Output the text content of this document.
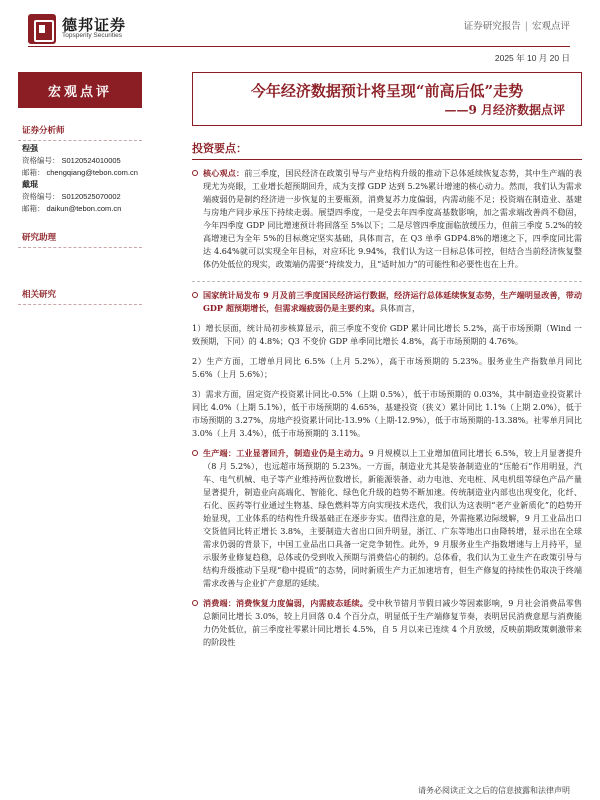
德邦证券
Topsperity Securities
证券研究报告 | 宏观点评
2025 年 10 月 20 日
宏观点评
证券分析师
程强
资格编号： S0120524010005
邮箱： chengqiang@tebon.com.cn
戴琨
资格编号： S0120525070002
邮箱： daikun@tebon.com.cn
研究助理
相关研究
今年经济数据预计将呈现“前高后低”走势
——9 月经济数据点评
投资要点：
核心观点：前三季度，国民经济在政策引导与产业结构升级的推动下总体延续恢复态势，其中生产端的表现尤为亮眼，工业增长超预期回升，成为支撑 GDP 达到 5.2%累计增速的核心动力。然而，我们认为需求端疲弱仍是制约经济进一步恢复的主要瓶颈，消费复苏力度偏弱，内需动能不足；投资端在制造业、基建与房地产同步承压下持续走弱。展望四季度，一是受去年四季度高基数影响，加之需求端改善尚不稳固，今年四季度 GDP 同比增速预计将回落至 5%以下；二是尽管四季度面临放缓压力，但前三季度 5.2%的较高增速已为全年 5%的目标奠定坚实基础，具体而言，在 Q3 单季 GDP4.8%的增速之下，四季度同比需达 4.64%就可以实现全年目标，对应环比 9.94%，我们认为这一目标总体可控，但结合当前经济恢复整体仍处低位的现实，政策端仍需要“持续发力，且“适时加力”的可能性和必要性也在上升。
国家统计局发布 9 月及前三季度国民经济运行数据，经济运行总体延续恢复态势，生产端明显改善，带动 GDP 超预期增长，但需求端疲弱仍是主要约束。具体而言，
1）增长层面，统计局初步核算显示，前三季度不变价 GDP 累计同比增长 5.2%，高于市场预期（Wind 一致预期，下同）的 4.8%；Q3 不变价 GDP 单季同比增长 4.8%，高于市场预期的 4.76%。
2）生产方面，工增单月同比 6.5%（上月 5.2%），高于市场预期的 5.23%。服务业生产指数单月同比 5.6%（上月 5.6%）；
3）需求方面，固定资产投资累计同比-0.5%（上期 0.5%），低于市场预期的 0.03%，其中制造业投资累计同比 4.0%（上期 5.1%），低于市场预期的 4.65%，基建投资（狭义）累计同比 1.1%（上期 2.0%），低于市场预期的 3.27%，房地产投资累计同比-13.9%（上期-12.9%），低于市场预期的-13.38%。社零单月同比 3.0%（上月 3.4%），低于市场预期的 3.11%。
生产端：工业显著回升，制造业仍是主动力。9 月规模以上工业增加值同比增长 6.5%，较上月显著提升（8 月 5.2%），也远超市场预期的 5.23%。一方面，制造业尤其是装备制造业的“压舱石”作用明显，汽车、电气机械、电子等产业维持两位数增长，新能源装备、动力电池、充电桩、风电机组等绿色产品产量显著提升，制造业向高端化、智能化、绿色化升级的趋势不断加速。传统制造业内部也出现变化，化纤、石化、医药等行业通过生物基、绿色燃料等方向实现技术迭代，我们认为这表明“老产业新质化”的趋势开始显现，工业体系的结构性升级基础正在逐步夯实。值得注意的是，外需拖累边际缓解，9 月工业品出口交货值同比转正增长 3.8%，主要制造大省出口回升明显，浙江、广东等地出口由降转增，显示出在全球需求仍弱的背景下，中国工业品出口具备一定竞争韧性。此外，9 月服务业生产指数增速与上月持平，显示服务业修复趋稳，总体或仍受到收入预期与消费信心的制约。总体看，我们认为工业生产在政策引导与结构升级推动下呈现“稳中提质”的态势，同时新质生产力正加速培育，但生产修复的持续性仍取决于终端需求改善与企业扩产意愿的延续。
消费端：消费恢复力度偏弱，内需疲态延续。受中秋节错月节假日减少等因素影响，9 月社会消费品零售总额同比增长 3.0%，较上月回落 0.4 个百分点，明显低于生产端修复节奏，表明居民消费意愿与消费能力仍处低位，前三季度社零累计同比增长 4.5%，自 5 月以来已连续 4 个月放缓，反映前期政策刺激带来的阶段性
请务必阅读正文之后的信息披露和法律声明
